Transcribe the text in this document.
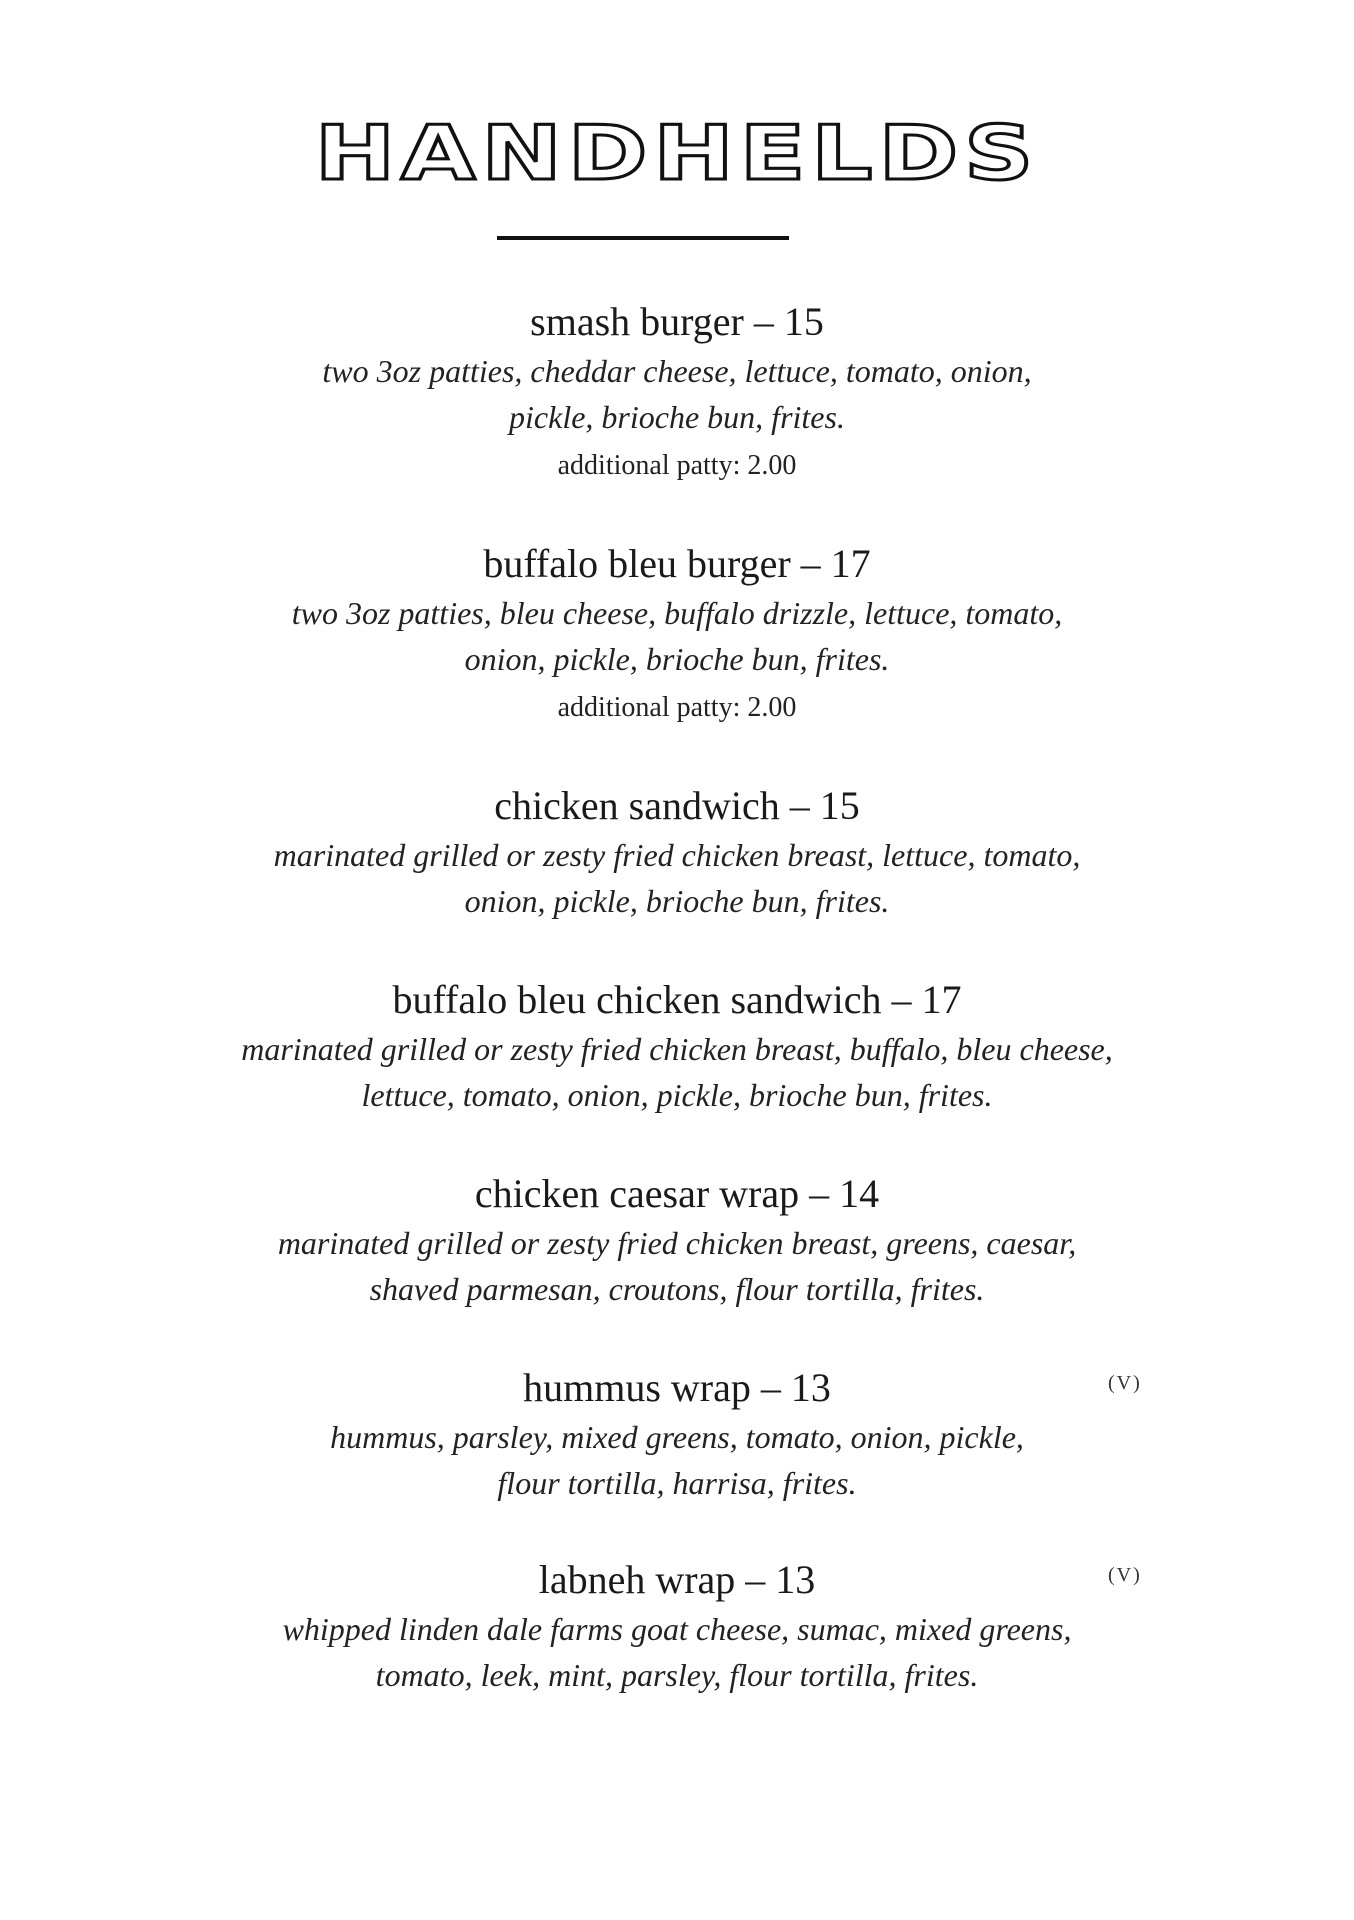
HANDHELDS
smash burger – 15
two 3oz patties, cheddar cheese, lettuce, tomato, onion,
pickle, brioche bun, frites.
additional patty: 2.00
buffalo bleu burger – 17
two 3oz patties, bleu cheese, buffalo drizzle, lettuce, tomato,
onion, pickle, brioche bun, frites.
additional patty: 2.00
chicken sandwich – 15
marinated grilled or zesty fried chicken breast, lettuce, tomato,
onion, pickle, brioche bun, frites.
buffalo bleu chicken sandwich – 17
marinated grilled or zesty fried chicken breast, buffalo, bleu cheese,
lettuce, tomato, onion, pickle, brioche bun, frites.
chicken caesar wrap – 14
marinated grilled or zesty fried chicken breast, greens, caesar,
shaved parmesan, croutons, flour tortilla, frites.
hummus wrap – 13	(V)
hummus, parsley, mixed greens, tomato, onion, pickle,
flour tortilla, harrisa, frites.
labneh wrap – 13	(V)
whipped linden dale farms goat cheese, sumac, mixed greens,
tomato, leek, mint, parsley, flour tortilla, frites.
